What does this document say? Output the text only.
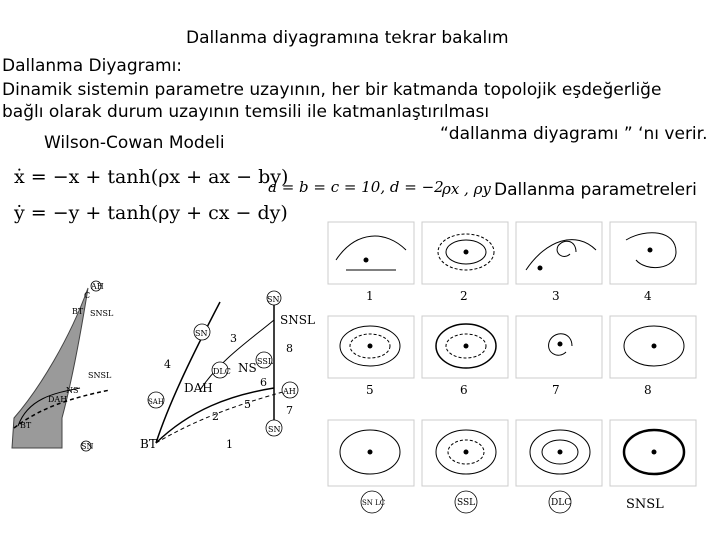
Dallanma diyagramına tekrar bakalım
Dallanma Diyagramı:
Dinamik sistemin parametre uzayının, her bir katmanda topolojik eşdeğerliğe
bağlı olarak durum uzayının temsili ile katmanlaştırılması
“dallanma diyagramı ” ‘nı verir.
Wilson-Cowan Modeli
ẋ = −x + tanh(ρx + ax − by)
ẏ = −y + tanh(ρy + cx − dy)
a = b = c = 10, d = −2
ρx , ρy Dallanma parametreleri
AH
C
BT SNSL
SNSL
NS
DAH
BT
SN
SN
SNSL
SN 3
8
4	SSL
DLC NS
DAH	6
AH
SAH	5	7
2
SN
BT	1
1	2	3	4
5	6	7	8
SN LC	SSL	DLC	SNSL
